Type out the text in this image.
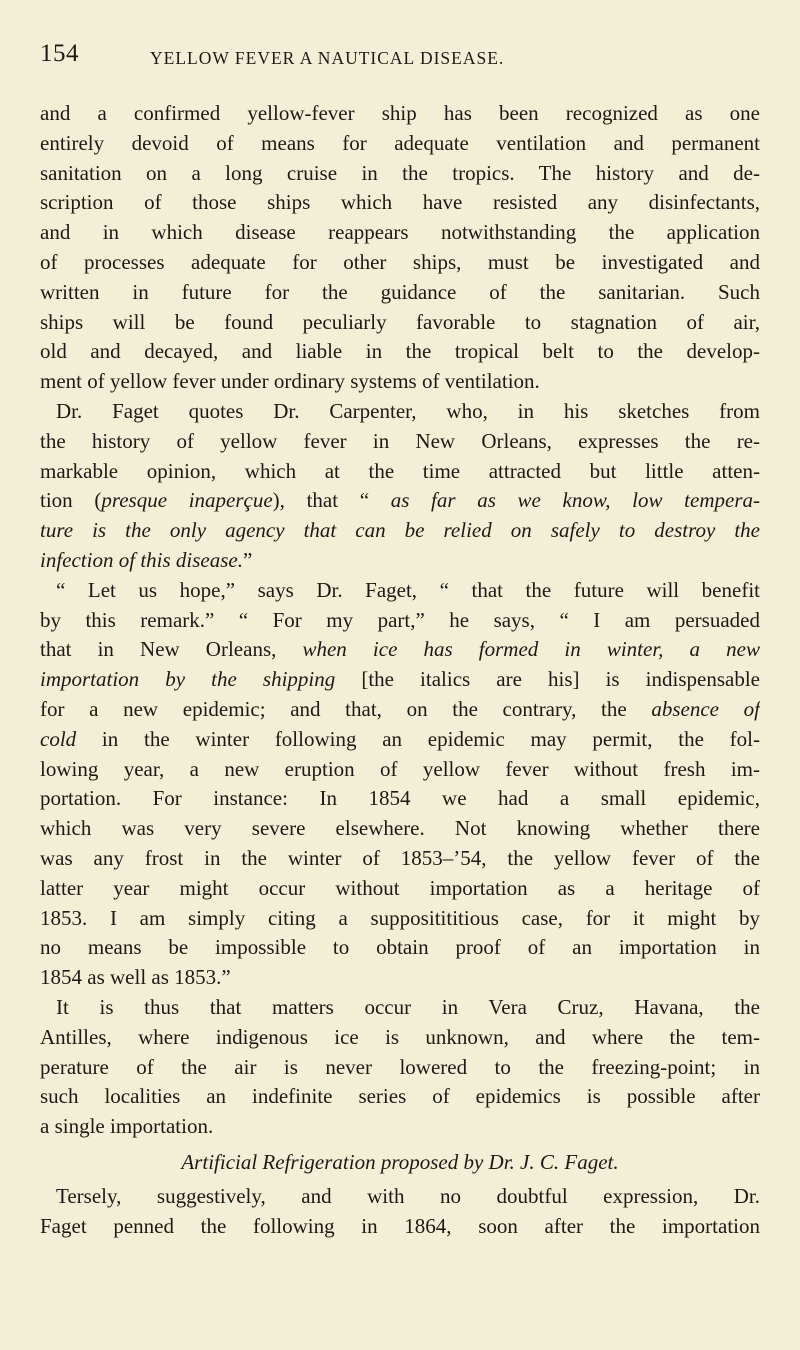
154	YELLOW FEVER A NAUTICAL DISEASE.
and a confirmed yellow-fever ship has been recognized as one
entirely devoid of means for adequate ventilation and permanent
sanitation on a long cruise in the tropics. The history and de-
scription of those ships which have resisted any disinfectants,
and in which disease reappears notwithstanding the application
of processes adequate for other ships, must be investigated and
written in future for the guidance of the sanitarian. Such
ships will be found peculiarly favorable to stagnation of air,
old and decayed, and liable in the tropical belt to the develop-
ment of yellow fever under ordinary systems of ventilation.
Dr. Faget quotes Dr. Carpenter, who, in his sketches from
the history of yellow fever in New Orleans, expresses the re-
markable opinion, which at the time attracted but little atten-
tion (presque inaperçue), that “ as far as we know, low tempera-
ture is the only agency that can be relied on safely to destroy the
infection of this disease.”
“ Let us hope,” says Dr. Faget, “ that the future will benefit
by this remark.” “ For my part,” he says, “ I am persuaded
that in New Orleans, when ice has formed in winter, a new
importation by the shipping [the italics are his] is indispensable
for a new epidemic; and that, on the contrary, the absence of
cold in the winter following an epidemic may permit, the fol-
lowing year, a new eruption of yellow fever without fresh im-
portation. For instance: In 1854 we had a small epidemic,
which was very severe elsewhere. Not knowing whether there
was any frost in the winter of 1853–’54, the yellow fever of the
latter year might occur without importation as a heritage of
1853. I am simply citing a suppositititious case, for it might by
no means be impossible to obtain proof of an importation in
1854 as well as 1853.”
It is thus that matters occur in Vera Cruz, Havana, the
Antilles, where indigenous ice is unknown, and where the tem-
perature of the air is never lowered to the freezing-point; in
such localities an indefinite series of epidemics is possible after
a single importation.
Artificial Refrigeration proposed by Dr. J. C. Faget.
Tersely, suggestively, and with no doubtful expression, Dr.
Faget penned the following in 1864, soon after the importation
